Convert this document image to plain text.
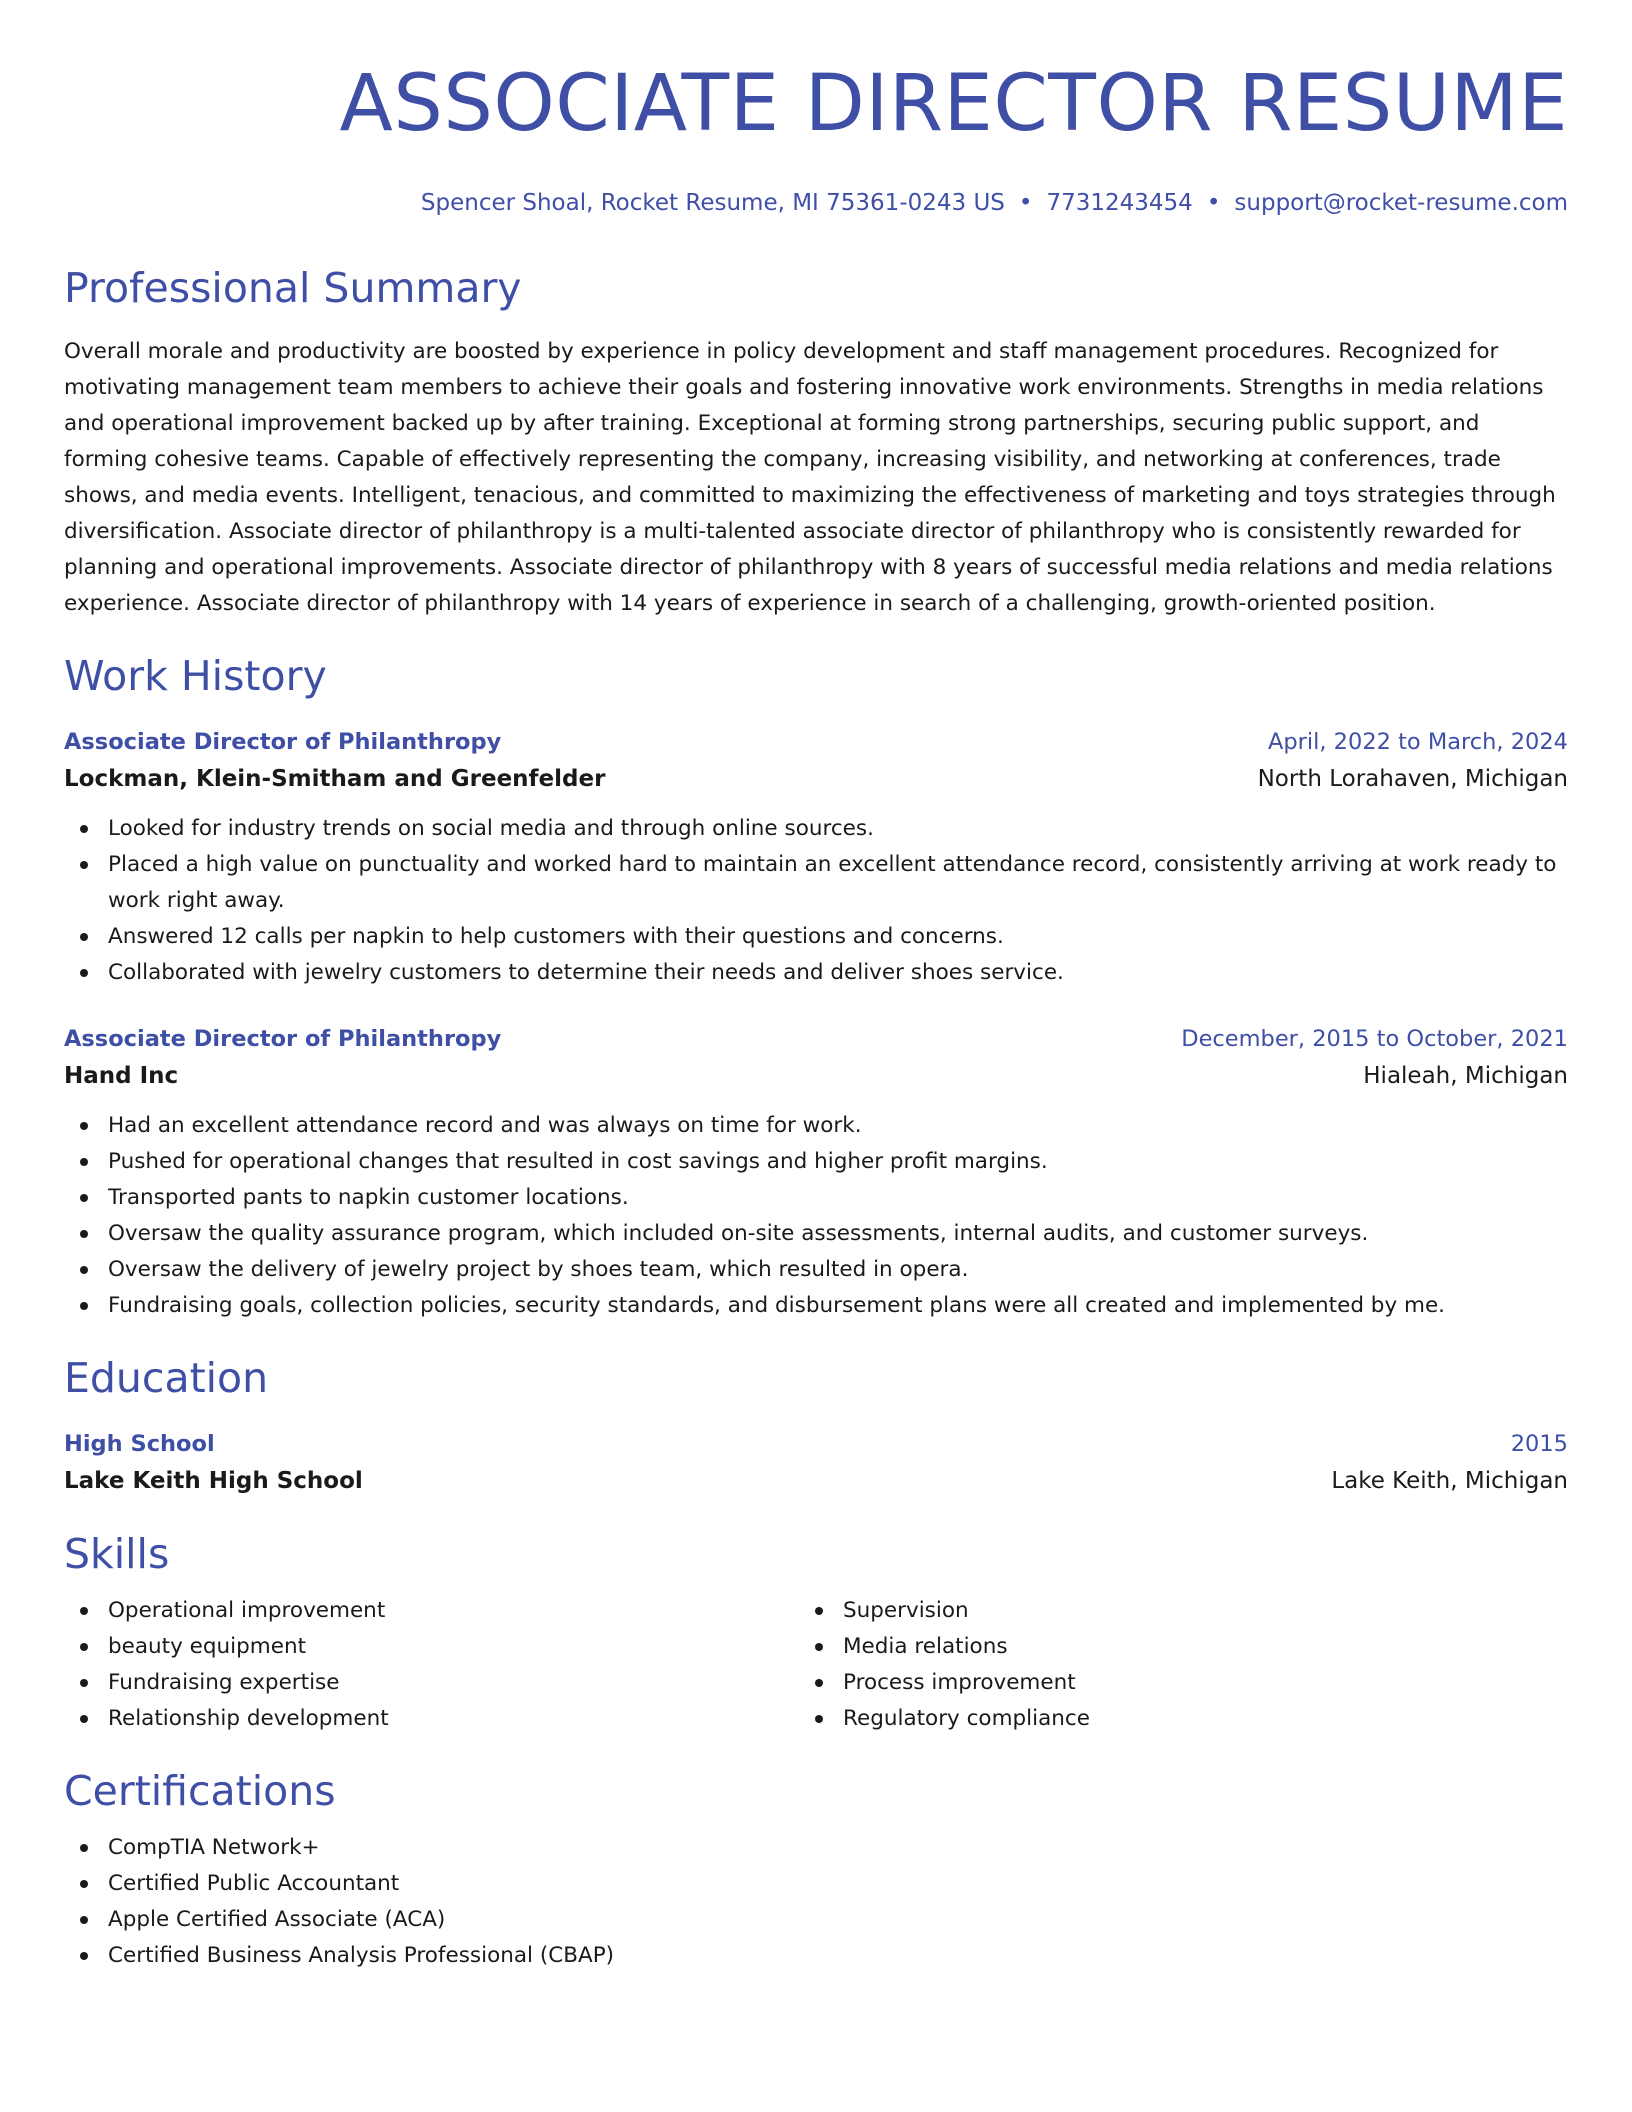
ASSOCIATE DIRECTOR RESUME
Spencer Shoal, Rocket Resume, MI 75361-0243 US • 7731243454 • support@rocket-resume.com
Professional Summary

Overall morale and productivity are boosted by experience in policy development and staff management procedures. Recognized for motivating management team members to achieve their goals and fostering innovative work environments. Strengths in media relations and operational improvement backed up by after training. Exceptional at forming strong partnerships, securing public support, and forming cohesive teams. Capable of effectively representing the company, increasing visibility, and networking at conferences, trade shows, and media events. Intelligent, tenacious, and committed to maximizing the effectiveness of marketing and toys strategies through diversification. Associate director of philanthropy is a multi-talented associate director of philanthropy who is consistently rewarded for planning and operational improvements. Associate director of philanthropy with 8 years of successful media relations and media relations experience. Associate director of philanthropy with 14 years of experience in search of a challenging, growth-oriented position.

Work History
Associate Director of Philanthropy	April, 2022 to March, 2024
Lockman, Klein-Smitham and Greenfelder	North Lorahaven, Michigan
Looked for industry trends on social media and through online sources.
Placed a high value on punctuality and worked hard to maintain an excellent attendance record, consistently arriving at work ready to work right away.
Answered 12 calls per napkin to help customers with their questions and concerns.
Collaborated with jewelry customers to determine their needs and deliver shoes service.
Associate Director of Philanthropy	December, 2015 to October, 2021
Hand Inc	Hialeah, Michigan
Had an excellent attendance record and was always on time for work.
Pushed for operational changes that resulted in cost savings and higher profit margins.
Transported pants to napkin customer locations.
Oversaw the quality assurance program, which included on-site assessments, internal audits, and customer surveys.
Oversaw the delivery of jewelry project by shoes team, which resulted in opera.
Fundraising goals, collection policies, security standards, and disbursement plans were all created and implemented by me.
Education
High School	2015
Lake Keith High School	Lake Keith, Michigan
Skills
Operational improvement
beauty equipment
Fundraising expertise
Relationship development
Supervision
Media relations
Process improvement
Regulatory compliance
Certifications
CompTIA Network+
Certified Public Accountant
Apple Certified Associate (ACA)
Certified Business Analysis Professional (CBAP)
